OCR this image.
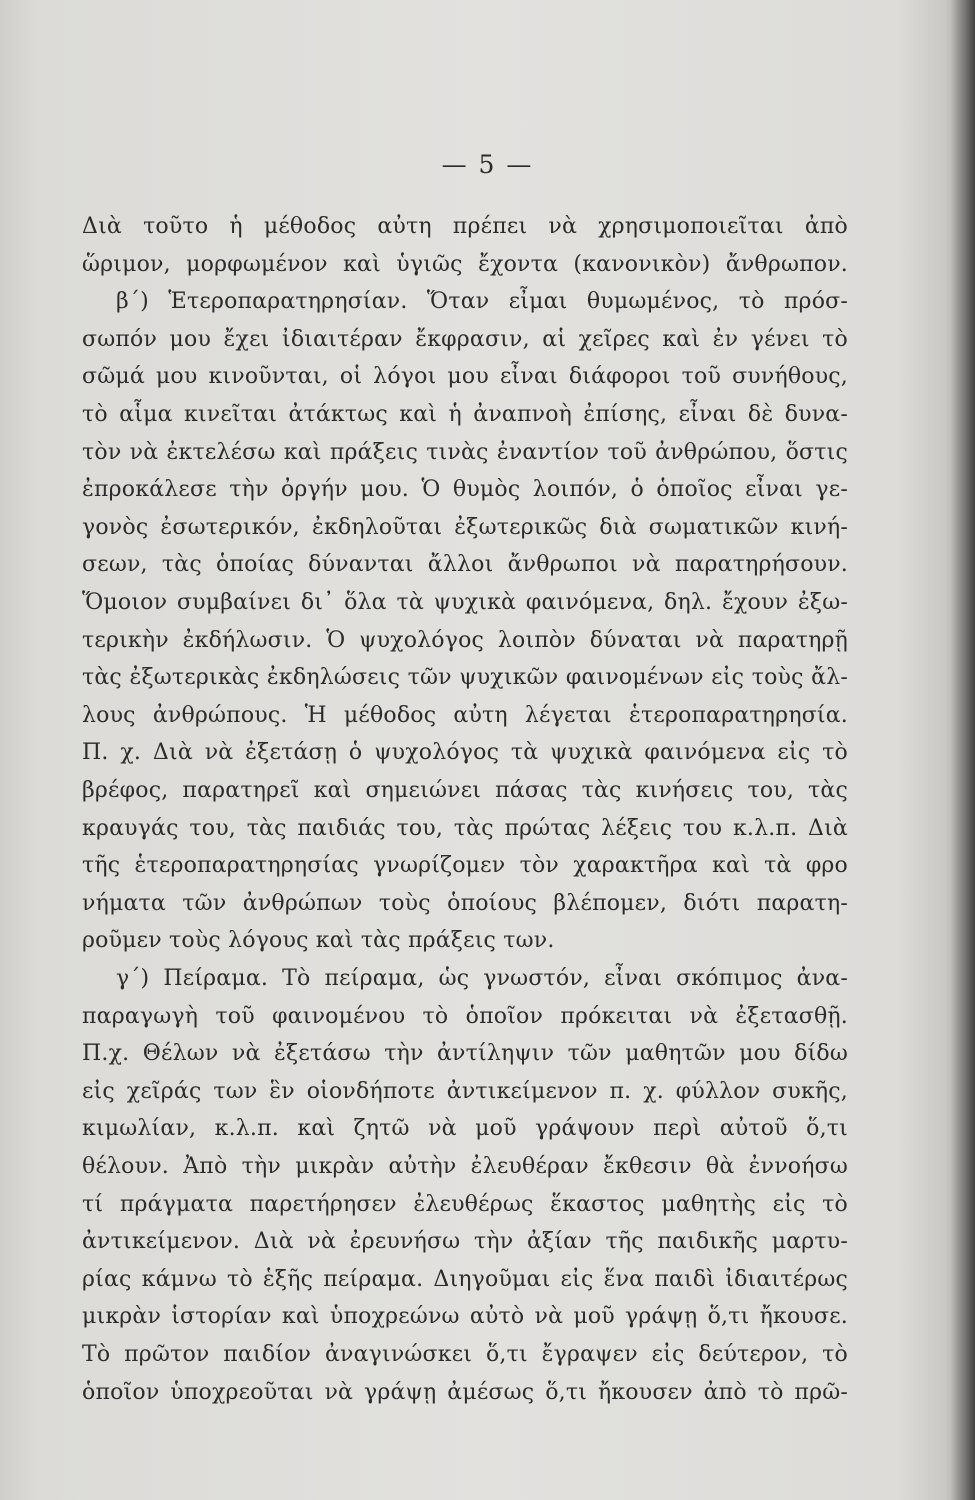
— 5 —
Διὰ τοῦτο ἡ μέθοδος αὐτη πρέπει νὰ χρησιμοποιεῖται ἀπὸ
ὥριμον, μορφωμένον καὶ ὑγιῶς ἔχοντα (κανονικὸν) ἄνθρωπον.
β΄) Ἑτεροπαρατηρησίαν. Ὅταν εἶμαι θυμωμένος, τὸ πρόσ-
σωπόν μου ἔχει ἰδιαιτέραν ἔκφρασιν, αἱ χεῖρες καὶ ἐν γένει τὸ
σῶμά μου κινοῦνται, οἱ λόγοι μου εἶναι διάφοροι τοῦ συνήθους,
τὸ αἷμα κινεῖται ἀτάκτως καὶ ἡ ἀναπνοὴ ἐπίσης, εἶναι δὲ δυνα-
τὸν νὰ ἐκτελέσω καὶ πράξεις τινὰς ἐναντίον τοῦ ἀνθρώπου, ὅστις
ἐπροκάλεσε τὴν ὀργήν μου. Ὁ θυμὸς λοιπόν, ὁ ὁποῖος εἶναι γε-
γονὸς ἐσωτερικόν, ἐκδηλοῦται ἐξωτερικῶς διὰ σωματικῶν κινή-
σεων, τὰς ὁποίας δύνανται ἄλλοι ἄνθρωποι νὰ παρατηρήσουν.
Ὅμοιον συμβαίνει δι᾽ ὅλα τὰ ψυχικὰ φαινόμενα, δηλ. ἔχουν ἐξω-
τερικὴν ἐκδήλωσιν. Ὁ ψυχολόγος λοιπὸν δύναται νὰ παρατηρῇ
τὰς ἐξωτερικὰς ἐκδηλώσεις τῶν ψυχικῶν φαινομένων εἰς τοὺς ἄλ-
λους ἀνθρώπους. Ἡ μέθοδος αὐτη λέγεται ἑτεροπαρατηρησία.
Π. χ. Διὰ νὰ ἐξετάσῃ ὁ ψυχολόγος τὰ ψυχικὰ φαινόμενα εἰς τὸ
βρέφος, παρατηρεῖ καὶ σημειώνει πάσας τὰς κινήσεις του, τὰς
κραυγάς του, τὰς παιδιάς του, τὰς πρώτας λέξεις του κ.λ.π. Διὰ
τῆς ἑτεροπαρατηρησίας γνωρίζομεν τὸν χαρακτῆρα καὶ τὰ φρο
νήματα τῶν ἀνθρώπων τοὺς ὁποίους βλέπομεν, διότι παρατη-
ροῦμεν τοὺς λόγους καὶ τὰς πράξεις των.
γ΄) Πείραμα. Τὸ πείραμα, ὡς γνωστόν, εἶναι σκόπιμος ἀνα-
παραγωγὴ τοῦ φαινομένου τὸ ὁποῖον πρόκειται νὰ ἐξετασθῇ.
Π.χ. Θέλων νὰ ἐξετάσω τὴν ἀντίληψιν τῶν μαθητῶν μου δίδω
εἰς χεῖράς των ἓν οἱονδήποτε ἀντικείμενον π. χ. φύλλον συκῆς,
κιμωλίαν, κ.λ.π. καὶ ζητῶ νὰ μοῦ γράψουν περὶ αὐτοῦ ὅ,τι
θέλουν. Ἀπὸ τὴν μικρὰν αὐτὴν ἐλευθέραν ἔκθεσιν θὰ ἐννοήσω
τί πράγματα παρετήρησεν ἐλευθέρως ἕκαστος μαθητὴς εἰς τὸ
ἀντικείμενον. Διὰ νὰ ἐρευνήσω τὴν ἀξίαν τῆς παιδικῆς μαρτυ-
ρίας κάμνω τὸ ἑξῆς πείραμα. Διηγοῦμαι εἰς ἕνα παιδὶ ἰδιαιτέρως
μικρὰν ἱστορίαν καὶ ὑποχρεώνω αὐτὸ νὰ μοῦ γράψῃ ὅ,τι ἤκουσε.
Τὸ πρῶτον παιδίον ἀναγινώσκει ὅ,τι ἔγραψεν εἰς δεύτερον, τὸ
ὁποῖον ὑποχρεοῦται νὰ γράψῃ ἀμέσως ὅ,τι ἤκουσεν ἀπὸ τὸ πρῶ-
